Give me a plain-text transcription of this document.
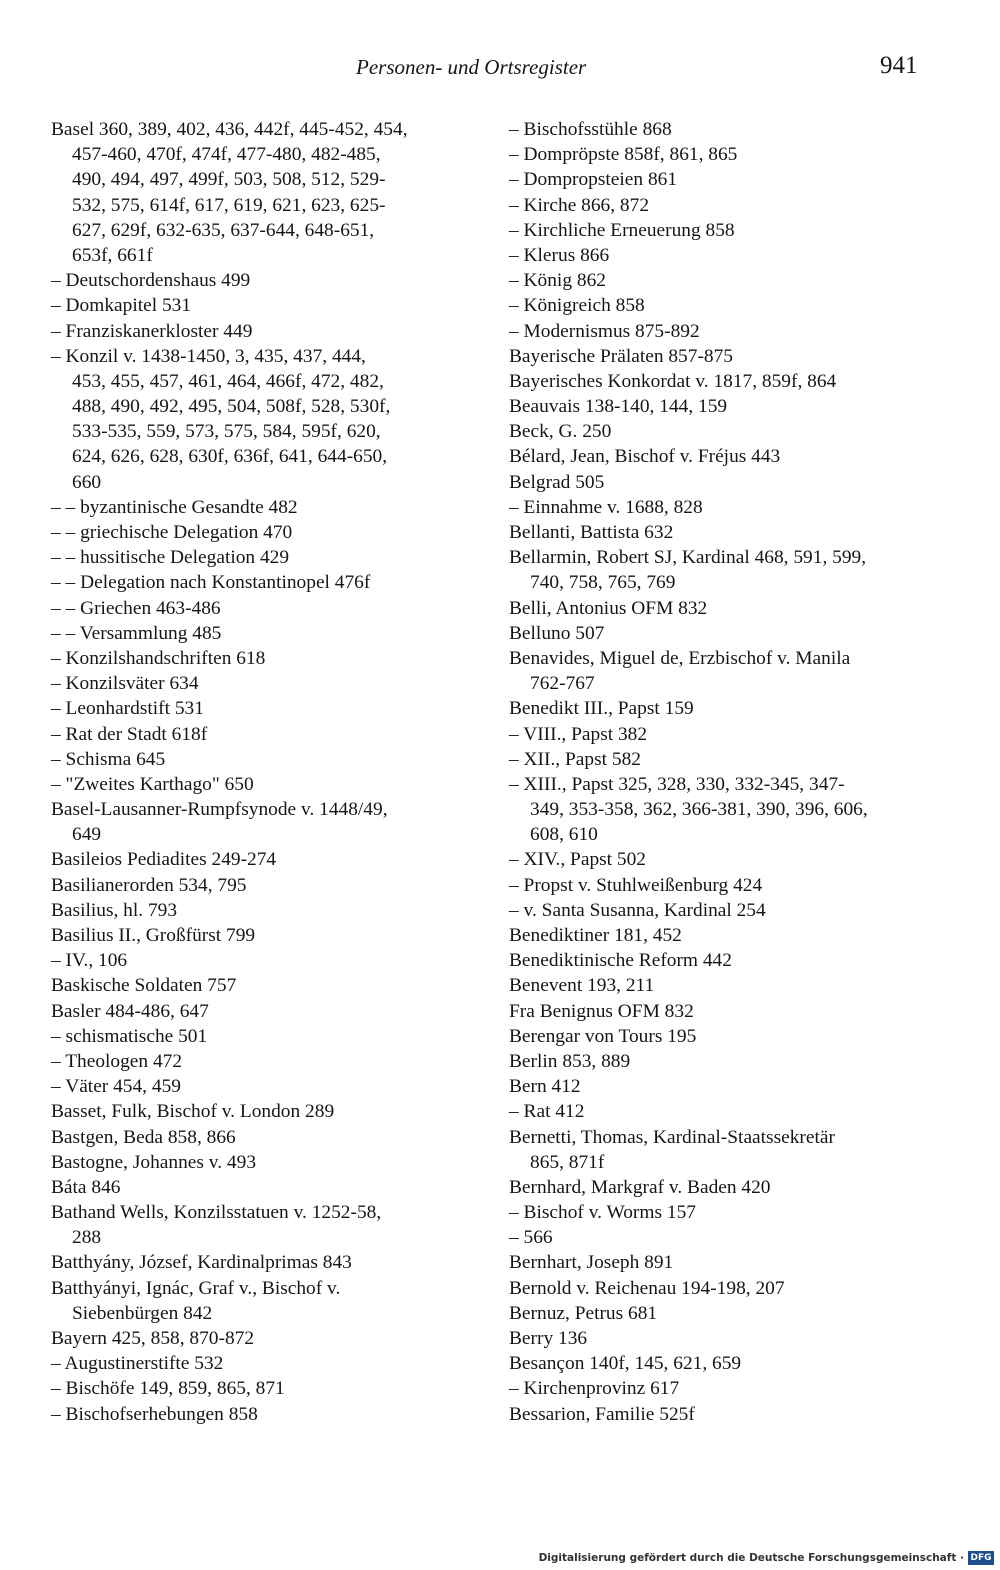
Personen- und Ortsregister	941
Basel 360, 389, 402, 436, 442f, 445-452, 454,
457-460, 470f, 474f, 477-480, 482-485,
490, 494, 497, 499f, 503, 508, 512, 529-
532, 575, 614f, 617, 619, 621, 623, 625-
627, 629f, 632-635, 637-644, 648-651,
653f, 661f
– Deutschordenshaus 499
– Domkapitel 531
– Franziskanerkloster 449
– Konzil v. 1438-1450, 3, 435, 437, 444,
453, 455, 457, 461, 464, 466f, 472, 482,
488, 490, 492, 495, 504, 508f, 528, 530f,
533-535, 559, 573, 575, 584, 595f, 620,
624, 626, 628, 630f, 636f, 641, 644-650,
660
– – byzantinische Gesandte 482
– – griechische Delegation 470
– – hussitische Delegation 429
– – Delegation nach Konstantinopel 476f
– – Griechen 463-486
– – Versammlung 485
– Konzilshandschriften 618
– Konzilsväter 634
– Leonhardstift 531
– Rat der Stadt 618f
– Schisma 645
– "Zweites Karthago" 650
Basel-Lausanner-Rumpfsynode v. 1448/49,
649
Basileios Pediadites 249-274
Basilianerorden 534, 795
Basilius, hl. 793
Basilius II., Großfürst 799
– IV., 106
Baskische Soldaten 757
Basler 484-486, 647
– schismatische 501
– Theologen 472
– Väter 454, 459
Basset, Fulk, Bischof v. London 289
Bastgen, Beda 858, 866
Bastogne, Johannes v. 493
Báta 846
Bathand Wells, Konzilsstatuen v. 1252-58,
288
Batthyány, József, Kardinalprimas 843
Batthyányi, Ignác, Graf v., Bischof v.
Siebenbürgen 842
Bayern 425, 858, 870-872
– Augustinerstifte 532
– Bischöfe 149, 859, 865, 871
– Bischofserhebungen 858
– Bischofsstühle 868
– Dompröpste 858f, 861, 865
– Dompropsteien 861
– Kirche 866, 872
– Kirchliche Erneuerung 858
– Klerus 866
– König 862
– Königreich 858
– Modernismus 875-892
Bayerische Prälaten 857-875
Bayerisches Konkordat v. 1817, 859f, 864
Beauvais 138-140, 144, 159
Beck, G. 250
Bélard, Jean, Bischof v. Fréjus 443
Belgrad 505
– Einnahme v. 1688, 828
Bellanti, Battista 632
Bellarmin, Robert SJ, Kardinal 468, 591, 599,
740, 758, 765, 769
Belli, Antonius OFM 832
Belluno 507
Benavides, Miguel de, Erzbischof v. Manila
762-767
Benedikt III., Papst 159
– VIII., Papst 382
– XII., Papst 582
– XIII., Papst 325, 328, 330, 332-345, 347-
349, 353-358, 362, 366-381, 390, 396, 606,
608, 610
– XIV., Papst 502
– Propst v. Stuhlweißenburg 424
– v. Santa Susanna, Kardinal 254
Benediktiner 181, 452
Benediktinische Reform 442
Benevent 193, 211
Fra Benignus OFM 832
Berengar von Tours 195
Berlin 853, 889
Bern 412
– Rat 412
Bernetti, Thomas, Kardinal-Staatssekretär
865, 871f
Bernhard, Markgraf v. Baden 420
– Bischof v. Worms 157
– 566
Bernhart, Joseph 891
Bernold v. Reichenau 194-198, 207
Bernuz, Petrus 681
Berry 136
Besançon 140f, 145, 621, 659
– Kirchenprovinz 617
Bessarion, Familie 525f
Digitalisierung gefördert durch die Deutsche Forschungsgemeinschaft · DFG
